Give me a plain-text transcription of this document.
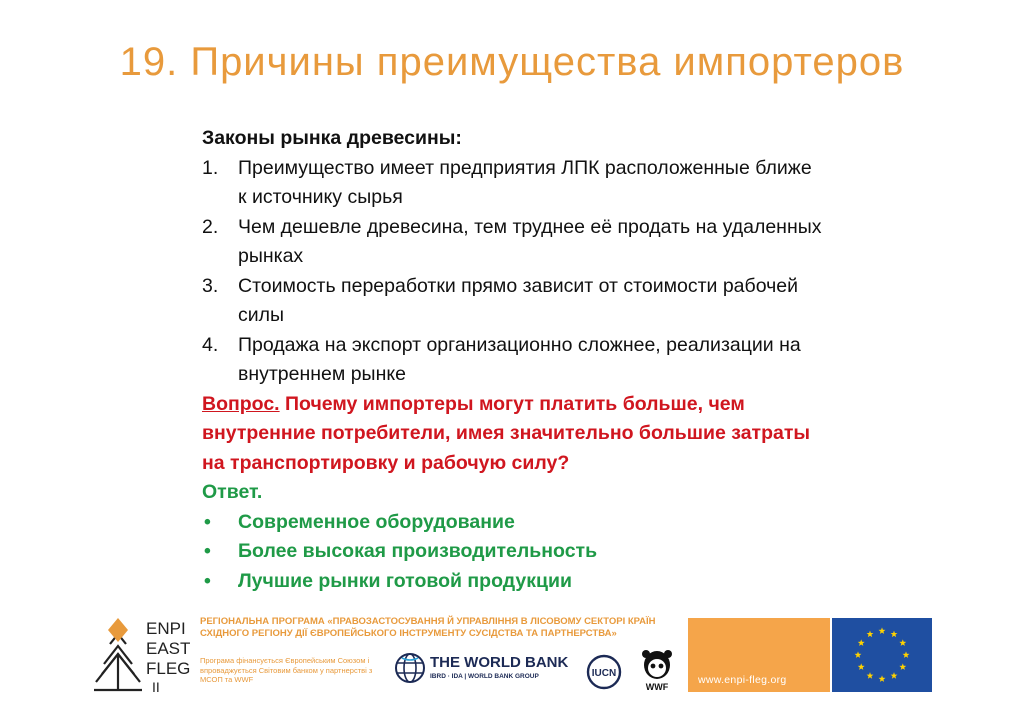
19. Причины преимущества импортеров
Законы рынка древесины:
1. Преимущество имеет предприятия ЛПК расположенные ближе к источнику сырья
2. Чем дешевле древесина, тем труднее её продать на удаленных рынках
3. Стоимость переработки прямо зависит от стоимости рабочей силы
4. Продажа на экспорт организационно сложнее, реализации на внутреннем рынке
Вопрос. Почему импортеры могут платить больше, чем внутренние потребители, имея значительно большие затраты на транспортировку и рабочую силу?
Ответ.
• Современное оборудование
• Более высокая производительность
• Лучшие рынки готовой продукции
ENPI
EAST
FLEG
II
РЕГІОНАЛЬНА ПРОГРАМА «ПРАВОЗАСТОСУВАННЯ Й УПРАВЛІННЯ В ЛІСОВОМУ СЕКТОРІ КРАЇН СХІДНОГО РЕГІОНУ ДІЇ ЄВРОПЕЙСЬКОГО ІНСТРУМЕНТУ СУСІДСТВА ТА ПАРТНЕРСТВА»
Програма фінансується Європейським Союзом і впроваджується Світовим банком у партнерстві з МСОП та WWF
THE WORLD BANK
IBRD · IDA | WORLD BANK GROUP	IUCN
WWF
www.enpi-fleg.org
